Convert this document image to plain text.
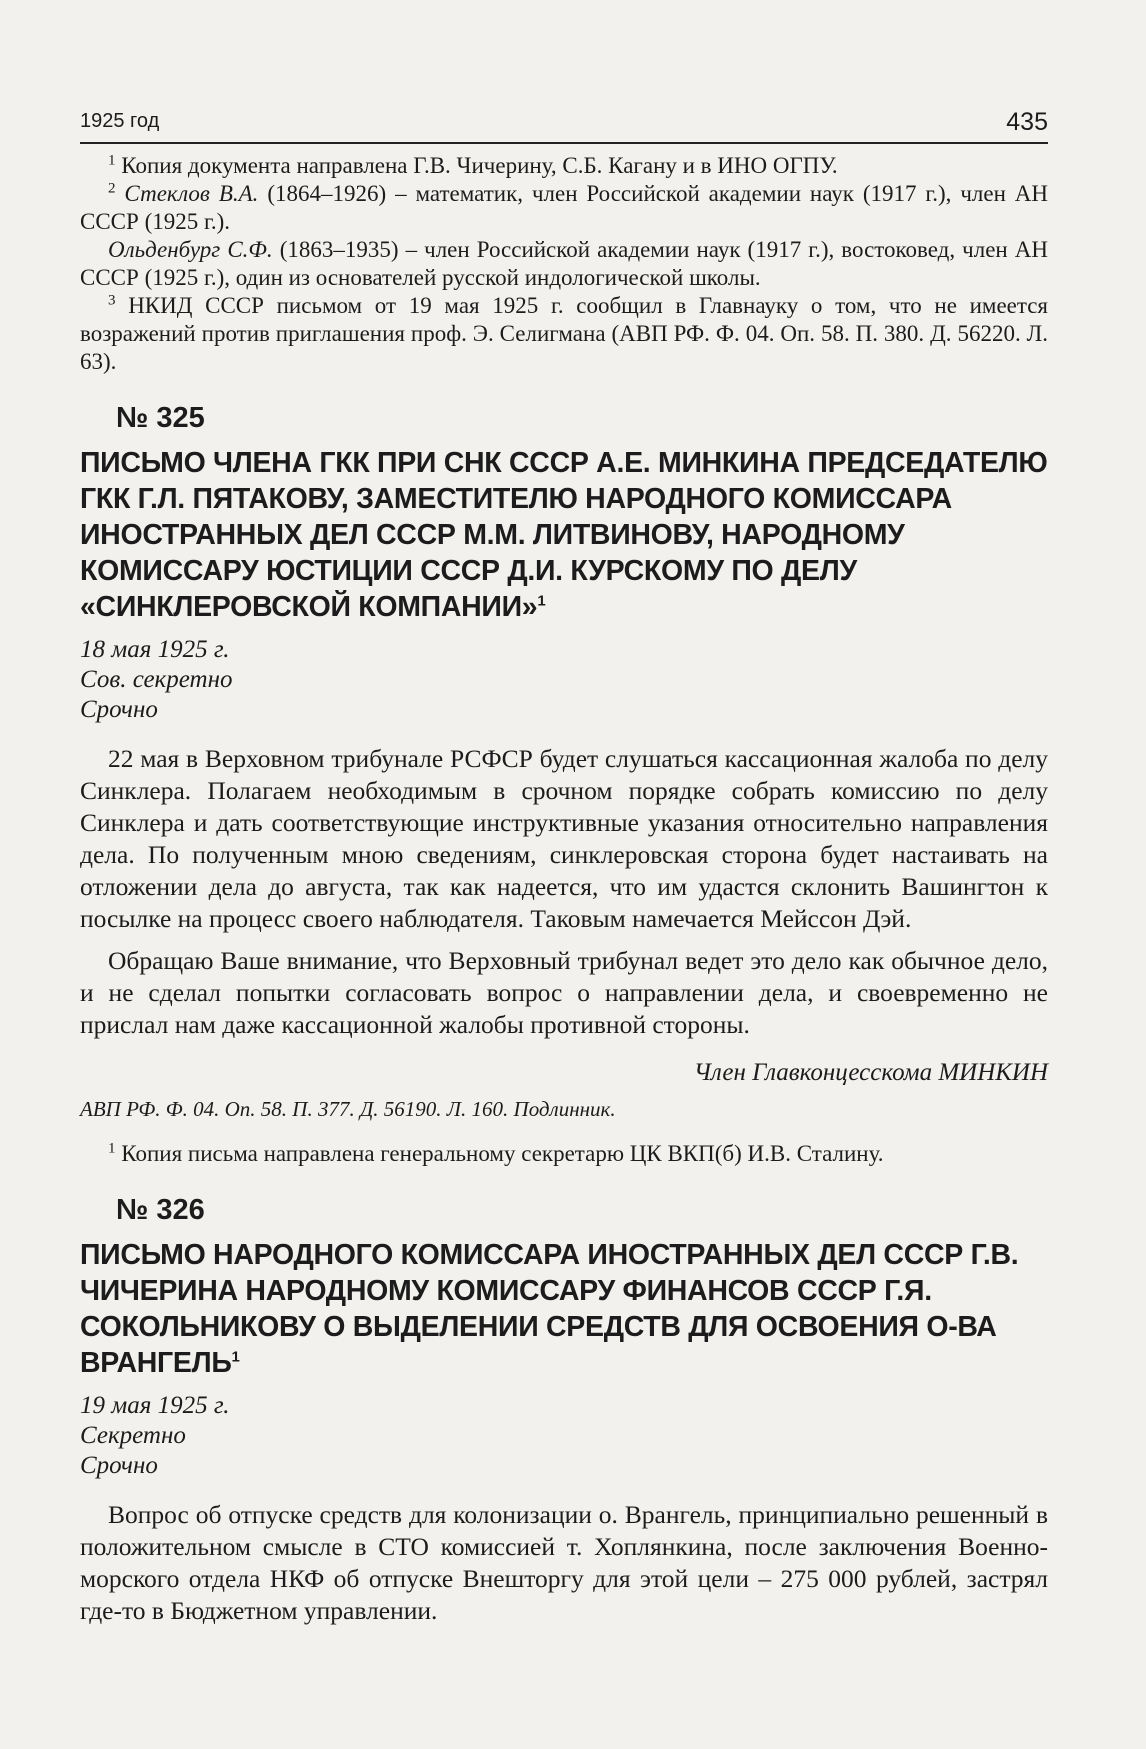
1925 год	435

$^1$ Копия документа направлена Г.В. Чичерину, С.Б. Кагану и в ИНО ОГПУ.

$^2$ Стеклов В.А. (1864–1926) – математик, член Российской академии наук (1917 г.), член АН СССР (1925 г.).

Ольденбург С.Ф. (1863–1935) – член Российской академии наук (1917 г.), востоковед, член АН СССР (1925 г.), один из основателей русской индологической школы.

$^3$ НКИД СССР письмом от 19 мая 1925 г. сообщил в Главнауку о том, что не имеется возражений против приглашения проф. Э. Селигмана (АВП РФ. Ф. 04. Оп. 58. П. 380. Д. 56220. Л. 63).

№ 325

ПИСЬМО ЧЛЕНА ГКК ПРИ СНК СССР А.Е. МИНКИНА ПРЕДСЕДАТЕЛЮ ГКК Г.Л. ПЯТАКОВУ, ЗАМЕСТИТЕЛЮ НАРОДНОГО КОМИССАРА ИНОСТРАННЫХ ДЕЛ СССР М.М. ЛИТВИНОВУ, НАРОДНОМУ КОМИССАРУ ЮСТИЦИИ СССР Д.И. КУРСКОМУ ПО ДЕЛУ «СИНКЛЕРОВСКОЙ КОМПАНИИ»$^1$

18 мая 1925 г.

Сов. секретно

Срочно

22 мая в Верховном трибунале РСФСР будет слушаться кассационная жалоба по делу Синклера. Полагаем необходимым в срочном порядке собрать комиссию по делу Синклера и дать соответствующие инструктивные указания относительно направления дела. По полученным мною сведениям, синклеровская сторона будет настаивать на отложении дела до августа, так как надеется, что им удастся склонить Вашингтон к посылке на процесс своего наблюдателя. Таковым намечается Мейссон Дэй.

Обращаю Ваше внимание, что Верховный трибунал ведет это дело как обычное дело, и не сделал попытки согласовать вопрос о направлении дела, и своевременно не прислал нам даже кассационной жалобы противной стороны.

Член Главконцесскома МИНКИН

АВП РФ. Ф. 04. Оп. 58. П. 377. Д. 56190. Л. 160. Подлинник.

$^1$ Копия письма направлена генеральному секретарю ЦК ВКП(б) И.В. Сталину.

№ 326

ПИСЬМО НАРОДНОГО КОМИССАРА ИНОСТРАННЫХ ДЕЛ СССР Г.В. ЧИЧЕРИНА НАРОДНОМУ КОМИССАРУ ФИНАНСОВ СССР Г.Я. СОКОЛЬНИКОВУ О ВЫДЕЛЕНИИ СРЕДСТВ ДЛЯ ОСВОЕНИЯ О-ВА ВРАНГЕЛЬ$^1$

19 мая 1925 г.

Секретно

Срочно

Вопрос об отпуске средств для колонизации о. Врангель, принципиально решенный в положительном смысле в СТО комиссией т. Хоплянкина, после заключения Военно-морского отдела НКФ об отпуске Внешторгу для этой цели – 275 000 рублей, застрял где-то в Бюджетном управлении.
